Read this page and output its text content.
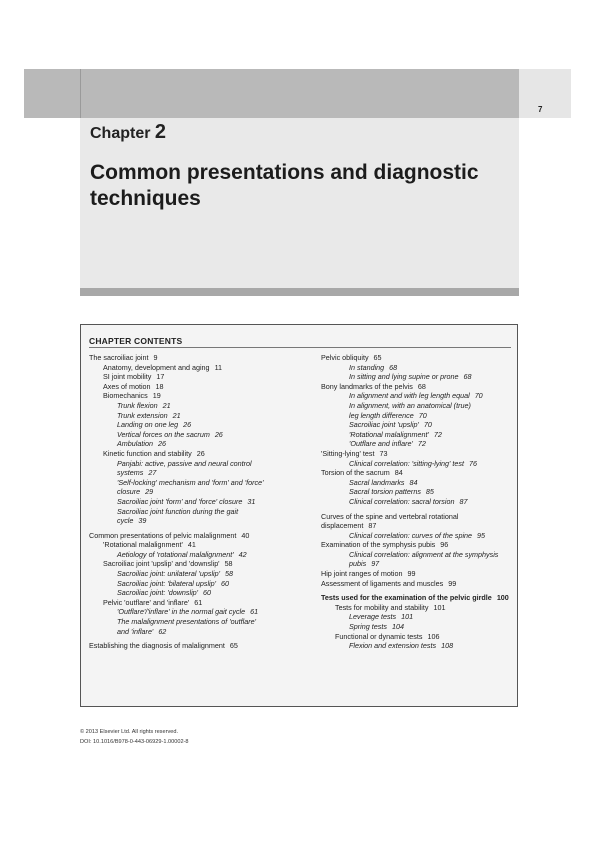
7
Chapter 2
Common presentations and diagnostic techniques
CHAPTER CONTENTS
The sacroiliac joint 9
Anatomy, development and aging 11
SI joint mobility 17
Axes of motion 18
Biomechanics 19
Trunk flexion 21
Trunk extension 21
Landing on one leg 26
Vertical forces on the sacrum 26
Ambulation 26
Kinetic function and stability 26
Panjabi: active, passive and neural control
systems 27
'Self-locking' mechanism and 'form' and 'force'
closure 29
Sacroiliac joint 'form' and 'force' closure 31
Sacroiliac joint function during the gait
cycle 39
Common presentations of pelvic malalignment 40
'Rotational malalignment' 41
Aetiology of 'rotational malalignment' 42
Sacroiliac joint 'upslip' and 'downslip' 58
Sacroiliac joint: unilateral 'upslip' 58
Sacroiliac joint: 'bilateral upslip' 60
Sacroiliac joint: 'downslip' 60
Pelvic 'outflare' and 'inflare' 61
'Outflare'/'inflare' in the normal gait cycle 61
The malalignment presentations of 'outflare'
and 'inflare' 62
Establishing the diagnosis of malalignment 65
Pelvic obliquity 65
In standing 68
In sitting and lying supine or prone 68
Bony landmarks of the pelvis 68
In alignment and with leg length equal 70
In alignment, with an anatomical (true)
leg length difference 70
Sacroiliac joint 'upslip' 70
'Rotational malalignment' 72
'Outflare and inflare' 72
'Sitting-lying' test 73
Clinical correlation: 'sitting-lying' test 76
Torsion of the sacrum 84
Sacral landmarks 84
Sacral torsion patterns 85
Clinical correlation: sacral torsion 87
Curves of the spine and vertebral rotational
displacement 87
Clinical correlation: curves of the spine 95
Examination of the symphysis pubis 96
Clinical correlation: alignment at the symphysis
pubis 97
Hip joint ranges of motion 99
Assessment of ligaments and muscles 99
Tests used for the examination of the pelvic girdle 100
Tests for mobility and stability 101
Leverage tests 101
Spring tests 104
Functional or dynamic tests 106
Flexion and extension tests 108
© 2013 Elsevier Ltd. All rights reserved.
DOI: 10.1016/B978-0-443-06929-1.00002-8
